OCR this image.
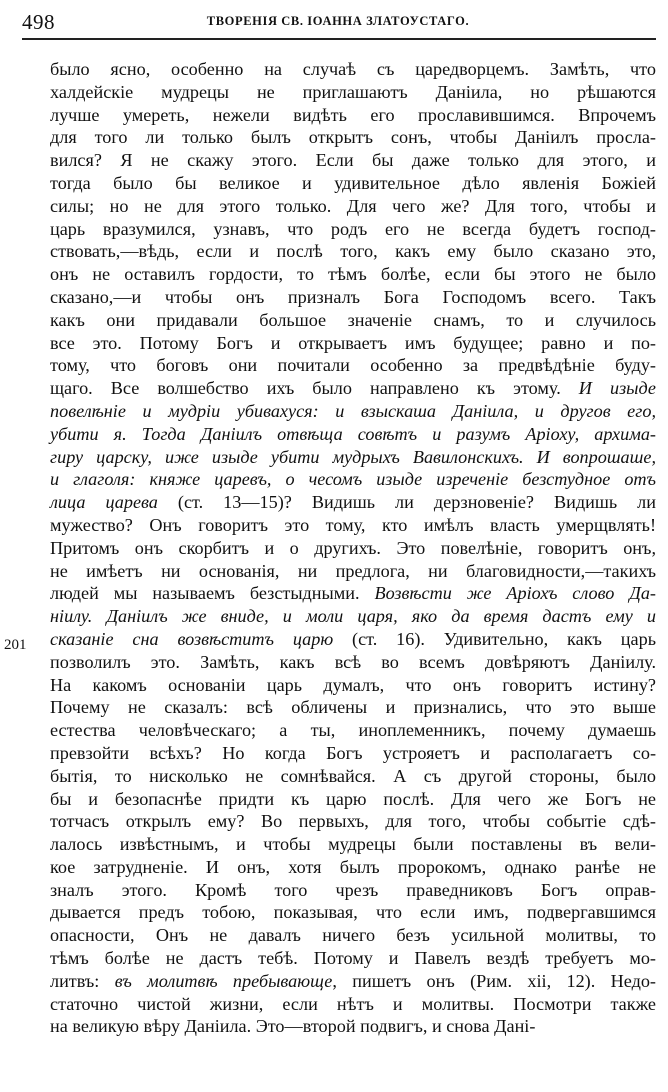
498	ТВОРЕНІЯ СВ. ІОАННА ЗЛАТОУСТАГО.
201
было ясно, особенно на случаѣ съ царедворцемъ. Замѣть, что
халдейскіе мудрецы не приглашаютъ Даніила, но рѣшаются
лучше умереть, нежели видѣть его прославившимся. Впрочемъ
для того ли только былъ открытъ сонъ, чтобы Даніилъ просла-
вился? Я не скажу этого. Если бы даже только для этого, и
тогда было бы великое и удивительное дѣло явленія Божіей
силы; но не для этого только. Для чего же? Для того, чтобы и
царь вразумился, узнавъ, что родъ его не всегда будетъ господ-
ствовать,—вѣдь, если и послѣ того, какъ ему было сказано это,
онъ не оставилъ гордости, то тѣмъ болѣе, если бы этого не было
сказано,—и чтобы онъ призналъ Бога Господомъ всего. Такъ
какъ они придавали большое значеніе снамъ, то и случилось
все это. Потому Богъ и открываетъ имъ будущее; равно и по-
тому, что боговъ они почитали особенно за предвѣдѣніе буду-
щаго. Все волшебство ихъ было направлено къ этому. И изыде
повелѣніе и мудріи убивахуся: и взыскаша Даніила, и другов его,
убити я. Тогда Даніилъ отвѣща совѣтъ и разумъ Аріоху, архима-
гиру царску, иже изыде убити мудрыхъ Вавилонскихъ. И вопрошаше,
и глаголя: княже царевъ, о чесомъ изыде изреченіе безстудное отъ
лица царева (ст. 13—15)? Видишь ли дерзновеніе? Видишь ли
мужество? Онъ говоритъ это тому, кто имѣлъ власть умерщвлять!
Притомъ онъ скорбитъ и о другихъ. Это повелѣніе, говоритъ онъ,
не имѣетъ ни основанія, ни предлога, ни благовидности,—такихъ
людей мы называемъ безстыдными. Возвѣсти же Аріохъ слово Да-
ніилу. Даніилъ же вниде, и моли царя, яко да время дастъ ему и
сказаніе сна возвѣститъ царю (ст. 16). Удивительно, какъ царь
позволилъ это. Замѣть, какъ всѣ во всемъ довѣряютъ Даніилу.
На какомъ основаніи царь думалъ, что онъ говоритъ истину?
Почему не сказалъ: всѣ обличены и признались, что это выше
естества человѣческаго; а ты, иноплеменникъ, почему думаешь
превзойти всѣхъ? Но когда Богъ устрояетъ и располагаетъ со-
бытія, то нисколько не сомнѣвайся. А съ другой стороны, было
бы и безопаснѣе придти къ царю послѣ. Для чего же Богъ не
тотчасъ открылъ ему? Во первыхъ, для того, чтобы событіе сдѣ-
лалось извѣстнымъ, и чтобы мудрецы были поставлены въ вели-
кое затрудненіе. И онъ, хотя былъ пророкомъ, однако ранѣе не
зналъ этого. Кромѣ того чрезъ праведниковъ Богъ оправ-
дывается предъ тобою, показывая, что если имъ, подвергавшимся
опасности, Онъ не давалъ ничего безъ усильной молитвы, то
тѣмъ болѣе не дастъ тебѣ. Потому и Павелъ вездѣ требуетъ мо-
литвъ: въ молитвѣ пребывающе, пишетъ онъ (Рим. xii, 12). Недо-
статочно чистой жизни, если нѣтъ и молитвы. Посмотри также
на великую вѣру Даніила. Это—второй подвигъ, и снова Дані-
